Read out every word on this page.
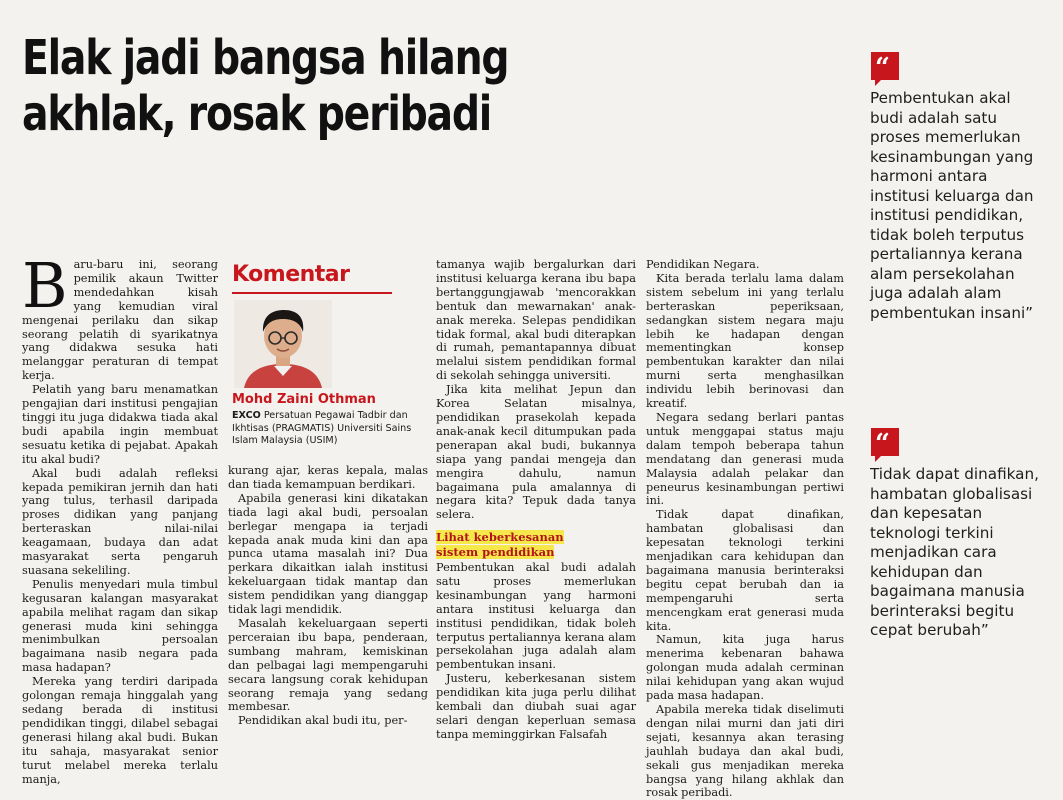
Elak jadi bangsa hilang
akhlak, rosak peribadi

Baru-baru ini, seorang pemilik akaun Twitter mendedahkan kisah yang kemudian viral mengenai perilaku dan sikap seorang pelatih di syarikatnya yang didakwa sesuka hati melanggar peraturan di tempat kerja.

Pelatih yang baru menamatkan pengajian dari institusi pengajian tinggi itu juga didakwa tiada akal budi apabila ingin membuat sesuatu ketika di pejabat. Apakah itu akal budi?

Akal budi adalah refleksi kepada pemikiran jernih dan hati yang tulus, terhasil daripada proses didikan yang panjang berteraskan nilai-nilai keagamaan, budaya dan adat masyarakat serta pengaruh suasana sekeliling.

Penulis menyedari mula timbul kegusaran kalangan masyarakat apabila melihat ragam dan sikap generasi muda kini sehingga menimbulkan persoalan bagaimana nasib negara pada masa hadapan?

Mereka yang terdiri daripada golongan remaja hinggalah yang sedang berada di institusi pendidikan tinggi, dilabel sebagai generasi hilang akal budi. Bukan itu sahaja, masyarakat senior turut melabel mereka terlalu manja,

Komentar
Mohd Zaini Othman
EXCO Persatuan Pegawai Tadbir dan Ikhtisas (PRAGMATIS) Universiti Sains Islam Malaysia (USIM)

kurang ajar, keras kepala, malas dan tiada kemampuan berdikari.

Apabila generasi kini dikatakan tiada lagi akal budi, persoalan berlegar mengapa ia terjadi kepada anak muda kini dan apa punca utama masalah ini? Dua perkara dikaitkan ialah institusi kekeluargaan tidak mantap dan sistem pendidikan yang dianggap tidak lagi mendidik.

Masalah kekeluargaan seperti perceraian ibu bapa, penderaan, sumbang mahram, kemiskinan dan pelbagai lagi mempengaruhi secara langsung corak kehidupan seorang remaja yang sedang membesar.

Pendidikan akal budi itu, per-

tamanya wajib bergalurkan dari institusi keluarga kerana ibu bapa bertanggungjawab 'mencorakkan bentuk dan mewarnakan' anak-anak mereka. Selepas pendidikan tidak formal, akal budi diterapkan di rumah, pemantapannya dibuat melalui sistem pendidikan formal di sekolah sehingga universiti.

Jika kita melihat Jepun dan Korea Selatan misalnya, pendidikan prasekolah kepada anak-anak kecil ditumpukan pada penerapan akal budi, bukannya siapa yang pandai mengeja dan mengira dahulu, namun bagaimana pula amalannya di negara kita? Tepuk dada tanya selera.

Lihat keberkesanan
sistem pendidikan

Pembentukan akal budi adalah satu proses memerlukan kesinambungan yang harmoni antara institusi keluarga dan institusi pendidikan, tidak boleh terputus pertaliannya kerana alam persekolahan juga adalah alam pembentukan insani.

Justeru, keberkesanan sistem pendidikan kita juga perlu dilihat kembali dan diubah suai agar selari dengan keperluan semasa tanpa meminggirkan Falsafah

Pendidikan Negara.

Kita berada terlalu lama dalam sistem sebelum ini yang terlalu berteraskan peperiksaan, sedangkan sistem negara maju lebih ke hadapan dengan mementingkan konsep pembentukan karakter dan nilai murni serta menghasilkan individu lebih berinovasi dan kreatif.

Negara sedang berlari pantas untuk menggapai status maju dalam tempoh beberapa tahun mendatang dan generasi muda Malaysia adalah pelakar dan peneurus kesinambungan pertiwi ini.

Tidak dapat dinafikan, hambatan globalisasi dan kepesatan teknologi terkini menjadikan cara kehidupan dan bagaimana manusia berinteraksi begitu cepat berubah dan ia mempengaruhi serta mencengkam erat generasi muda kita.

Namun, kita juga harus menerima kebenaran bahawa golongan muda adalah cerminan nilai kehidupan yang akan wujud pada masa hadapan.

Apabila mereka tidak diselimuti dengan nilai murni dan jati diri sejati, kesannya akan terasing jauhlah budaya dan akal budi, sekali gus menjadikan mereka bangsa yang hilang akhlak dan rosak peribadi.

“
Pembentukan akal budi adalah satu proses memerlukan kesinambungan yang harmoni antara institusi keluarga dan institusi pendidikan, tidak boleh terputus pertaliannya kerana alam persekolahan juga adalah alam pembentukan insani”
“
Tidak dapat dinafikan, hambatan globalisasi dan kepesatan teknologi terkini menjadikan cara kehidupan dan bagaimana manusia berinteraksi begitu cepat berubah”
